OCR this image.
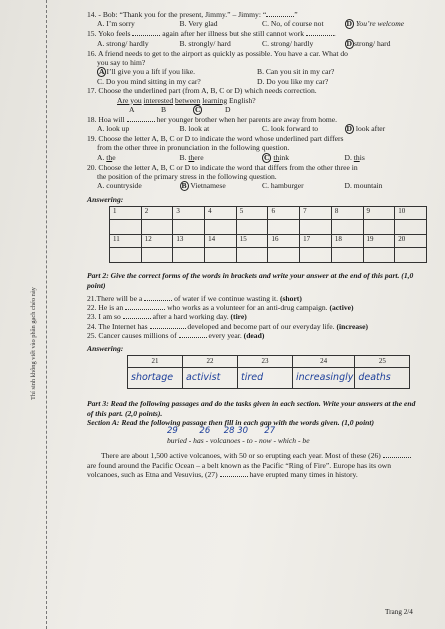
Thí sinh không viết vào phần gạch chéo này
14. - Bob: “Thank you for the present, Jimmy.” – Jimmy: “	”
A. I’m sorry	B. Very glad	C. No, of course not	D You’re welcome
15. Yoko feels	again after her illness but she still cannot work	.
A. strong/ hardly	B. strongly/ hard	C. strong/ hardly	D strong/ hard
16. A friend needs to get to the airport as quickly as possible. You have a car. What do
you say to him?
A I’ll give you a lift if you like.	B. Can you sit in my car?
C. Do you mind sitting in my car?	D. Do you like my car?
17. Choose the underlined part (from A, B, C or D) which needs correction.
Are you interested between learning English?
A	B	C	D
18. Hoa will	her younger brother when her parents are away from home.
A. look up	B. look at	C. look forward to	D look after
19. Choose the letter A, B, C or D to indicate the word whose underlined part differs
from the other three in pronunciation in the following question.
A. the	B. there	C think	D. this
20. Choose the letter A, B, C or D to indicate the word that differs from the other three in
the position of the primary stress in the following question.
A. countryside	B Vietnamese	C. hamburger	D. mountain
Answering:
1	2	3	4	5	6	7	8	9	10

11	12	13	14	15	16	17	18	19	20

Part 2: Give the correct forms of the words in brackets and write your answer at the end of this part. (1,0 point)
21.There will be a	of water if we continue wasting it. (short)
22. He is an	who works as a volunteer for an anti-drug campaign. (active)
23. I am so	after a hard working day. (tire)
24. The Internet has	developed and become part of our everyday life. (increase)
25. Cancer causes millions of	every year. (dead)
Answering:
21	22	23	24	25
shortage	activist	tired	increasingly	deaths
Part 3: Read the following passages and do the tasks given in each section. Write your answers at the end of this part. (2,0 points).
Section A: Read the following passage then fill in each gap with the words given. (1,0 point)
29        26     28 30      27
buried - has - volcanoes - to - now - which - be
There are about 1,500 active volcanoes, with 50 or so erupting each year. Most of these (26)  are found around the Pacific Ocean – a belt known as the Pacific “Ring of Fire”. Europe has its own volcanoes, such as Etna and Vesuvius, (27)	have erupted many times in history.
Trang 2/4
